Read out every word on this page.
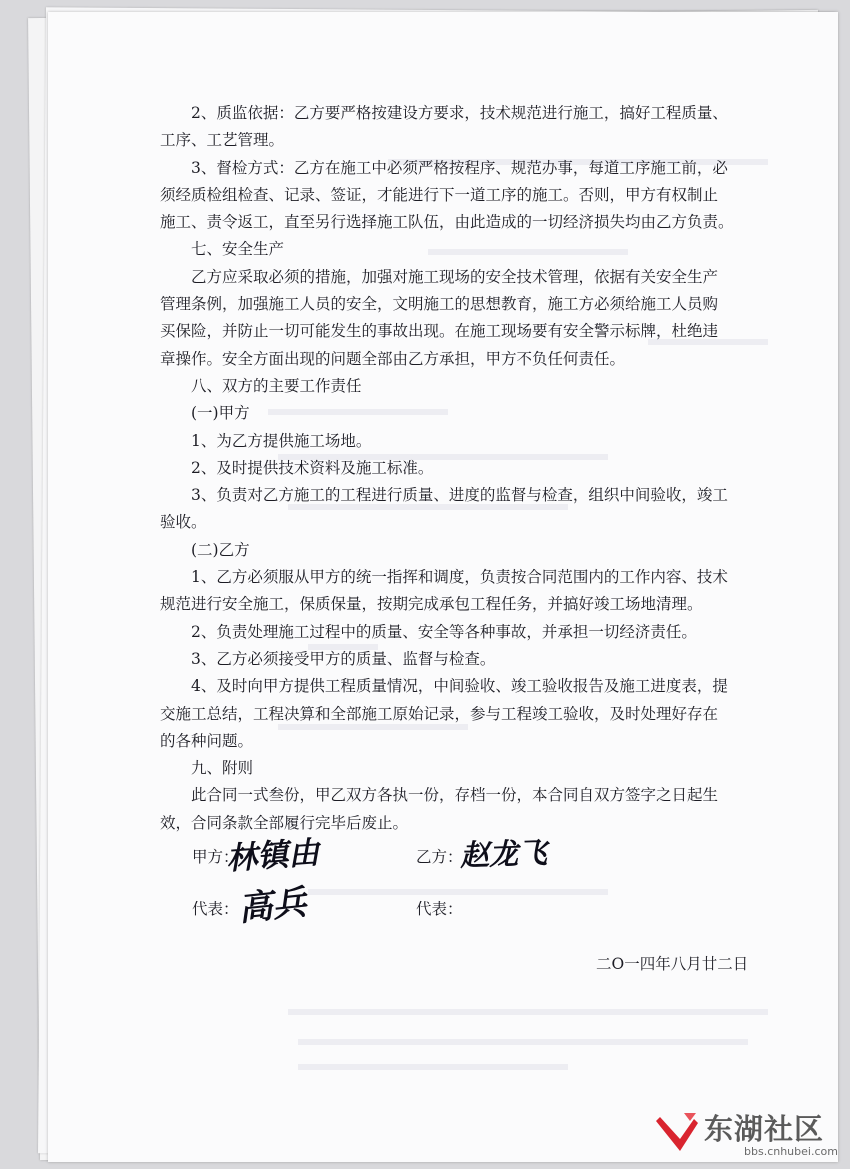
2、质监依据：乙方要严格按建设方要求，技术规范进行施工，搞好工程质量、

工序、工艺管理。

3、督检方式：乙方在施工中必须严格按程序、规范办事，每道工序施工前，必

须经质检组检查、记录、签证，才能进行下一道工序的施工。否则，甲方有权制止

施工、责令返工，直至另行选择施工队伍，由此造成的一切经济损失均由乙方负责。

七、安全生产

乙方应采取必须的措施，加强对施工现场的安全技术管理，依据有关安全生产

管理条例，加强施工人员的安全，文明施工的思想教育，施工方必须给施工人员购

买保险，并防止一切可能发生的事故出现。在施工现场要有安全警示标牌，杜绝违

章操作。安全方面出现的问题全部由乙方承担，甲方不负任何责任。

八、双方的主要工作责任

(一)甲方

1、为乙方提供施工场地。

2、及时提供技术资料及施工标准。

3、负责对乙方施工的工程进行质量、进度的监督与检查，组织中间验收，竣工

验收。

(二)乙方

1、乙方必须服从甲方的统一指挥和调度，负责按合同范围内的工作内容、技术

规范进行安全施工，保质保量，按期完成承包工程任务，并搞好竣工场地清理。

2、负责处理施工过程中的质量、安全等各种事故，并承担一切经济责任。

3、乙方必须接受甲方的质量、监督与检查。

4、及时向甲方提供工程质量情况，中间验收、竣工验收报告及施工进度表，提

交施工总结，工程决算和全部施工原始记录，参与工程竣工验收，及时处理好存在

的各种问题。

九、附则

此合同一式叁份，甲乙双方各执一份，存档一份，本合同自双方签字之日起生

效，合同条款全部履行完毕后废止。

甲方：
林镇由	乙方：
赵龙飞
代表：
高兵	代表：
二O一四年八月廿二日
东湖社区
bbs.cnhubei.com
